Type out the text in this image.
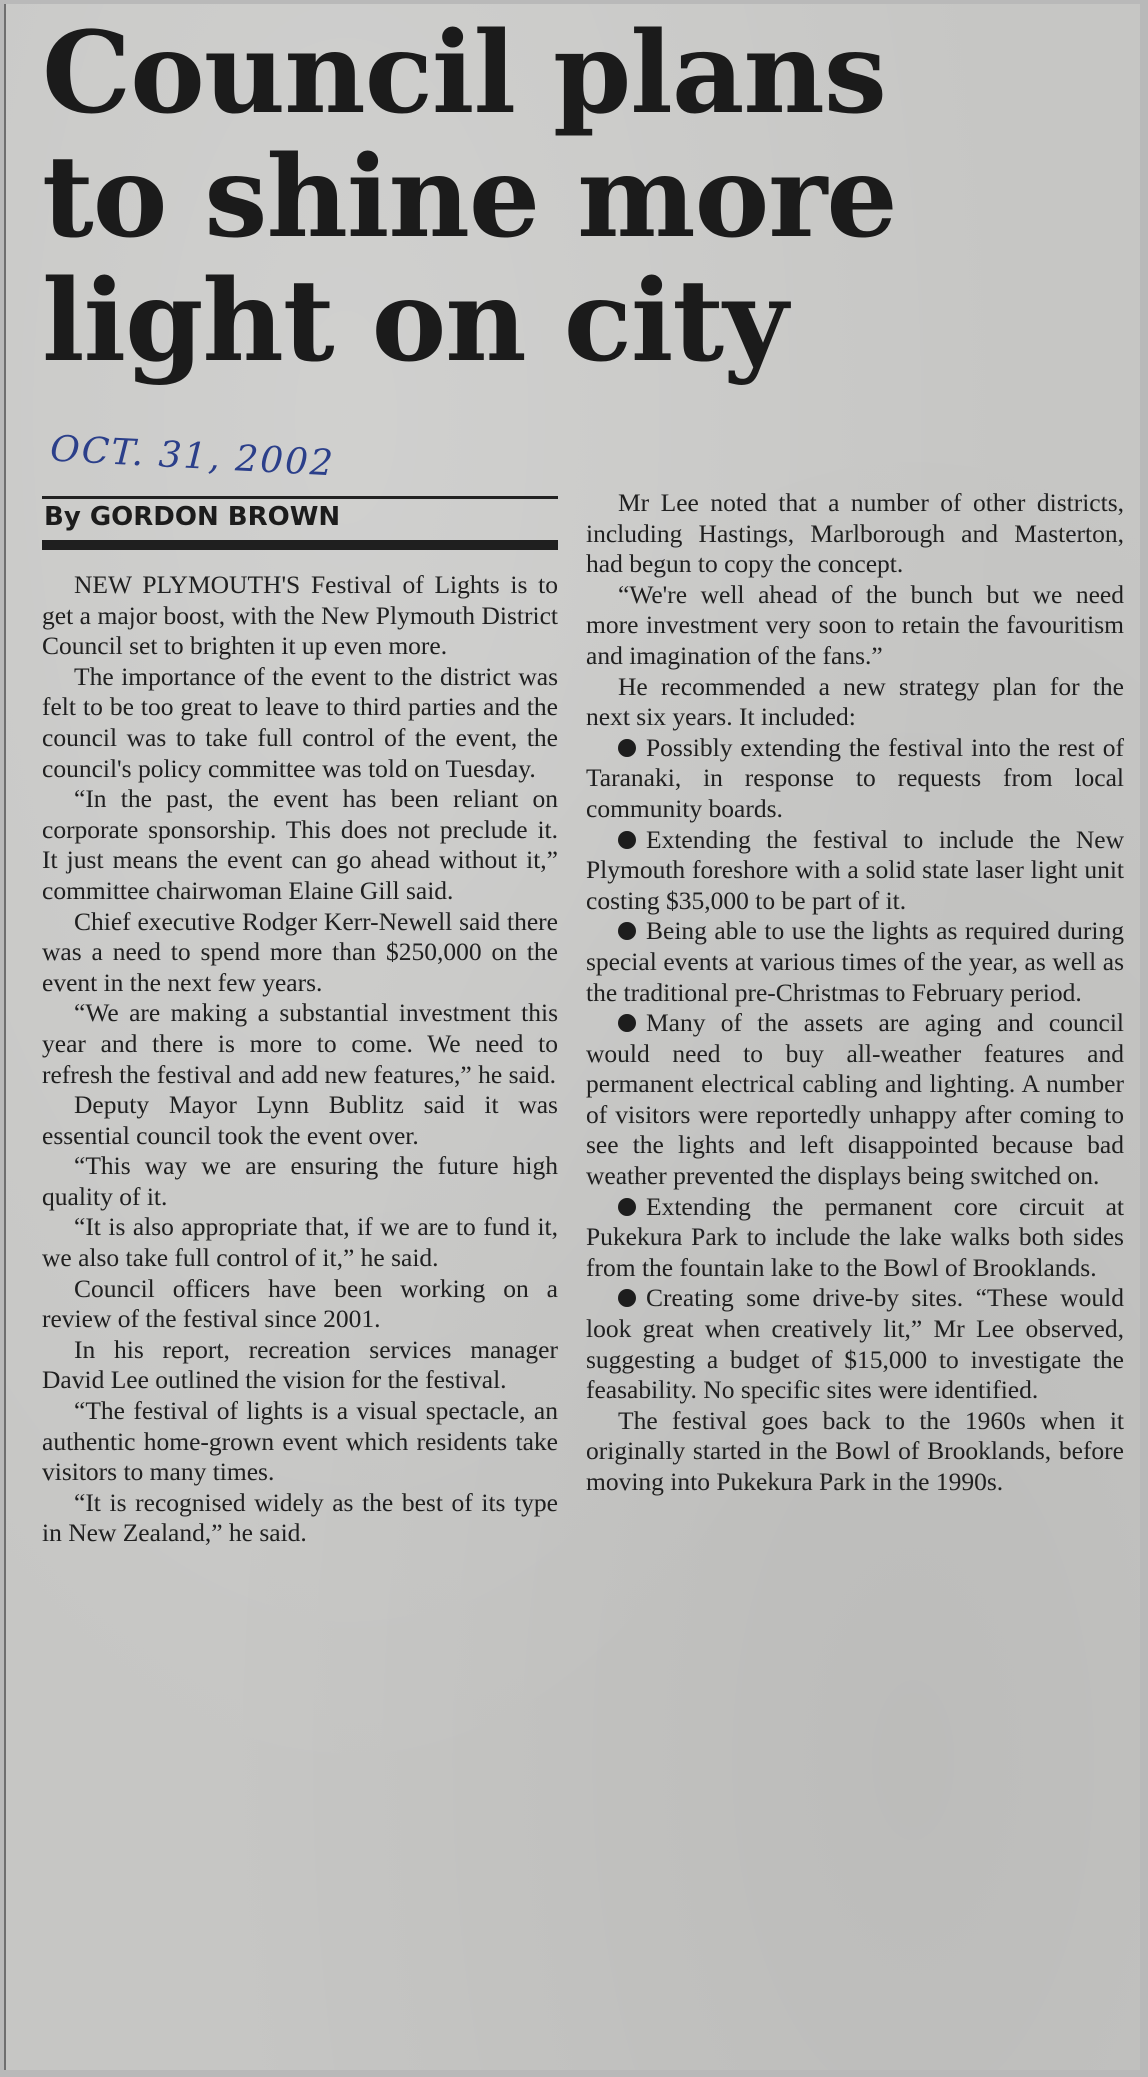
Council plans
to shine more
light on city
OCT. 31, 2002
By GORDON BROWN

NEW PLYMOUTH'S Festival of Lights is to get a major boost, with the New Plymouth District Council set to brighten it up even more.

The importance of the event to the district was felt to be too great to leave to third parties and the council was to take full control of the event, the council's policy committee was told on Tuesday.

“In the past, the event has been reliant on corporate sponsorship. This does not preclude it. It just means the event can go ahead without it,” committee chairwoman Elaine Gill said.

Chief executive Rodger Kerr-Newell said there was a need to spend more than $250,000 on the event in the next few years.

“We are making a substantial investment this year and there is more to come. We need to refresh the festival and add new features,” he said.

Deputy Mayor Lynn Bublitz said it was essential council took the event over.

“This way we are ensuring the future high quality of it.

“It is also appropriate that, if we are to fund it, we also take full control of it,” he said.

Council officers have been working on a review of the festival since 2001.

In his report, recreation services manager David Lee outlined the vision for the festival.

“The festival of lights is a visual spectacle, an authentic home-grown event which residents take visitors to many times.

“It is recognised widely as the best of its type in New Zealand,” he said.

Mr Lee noted that a number of other districts, including Hastings, Marlborough and Masterton, had begun to copy the concept.

“We're well ahead of the bunch but we need more investment very soon to retain the favouritism and imagination of the fans.”

He recommended a new strategy plan for the next six years. It included:

Possibly extending the festival into the rest of Taranaki, in response to requests from local community boards.

Extending the festival to include the New Plymouth foreshore with a solid state laser light unit costing $35,000 to be part of it.

Being able to use the lights as required during special events at various times of the year, as well as the traditional pre-Christmas to February period.

Many of the assets are aging and council would need to buy all-weather features and permanent electrical cabling and lighting. A number of visitors were reportedly unhappy after coming to see the lights and left disappointed because bad weather prevented the displays being switched on.

Extending the permanent core circuit at Pukekura Park to include the lake walks both sides from the fountain lake to the Bowl of Brooklands.

Creating some drive-by sites. “These would look great when creatively lit,” Mr Lee observed, suggesting a budget of $15,000 to investigate the feasability. No specific sites were identified.

The festival goes back to the 1960s when it originally started in the Bowl of Brooklands, before moving into Pukekura Park in the 1990s.
